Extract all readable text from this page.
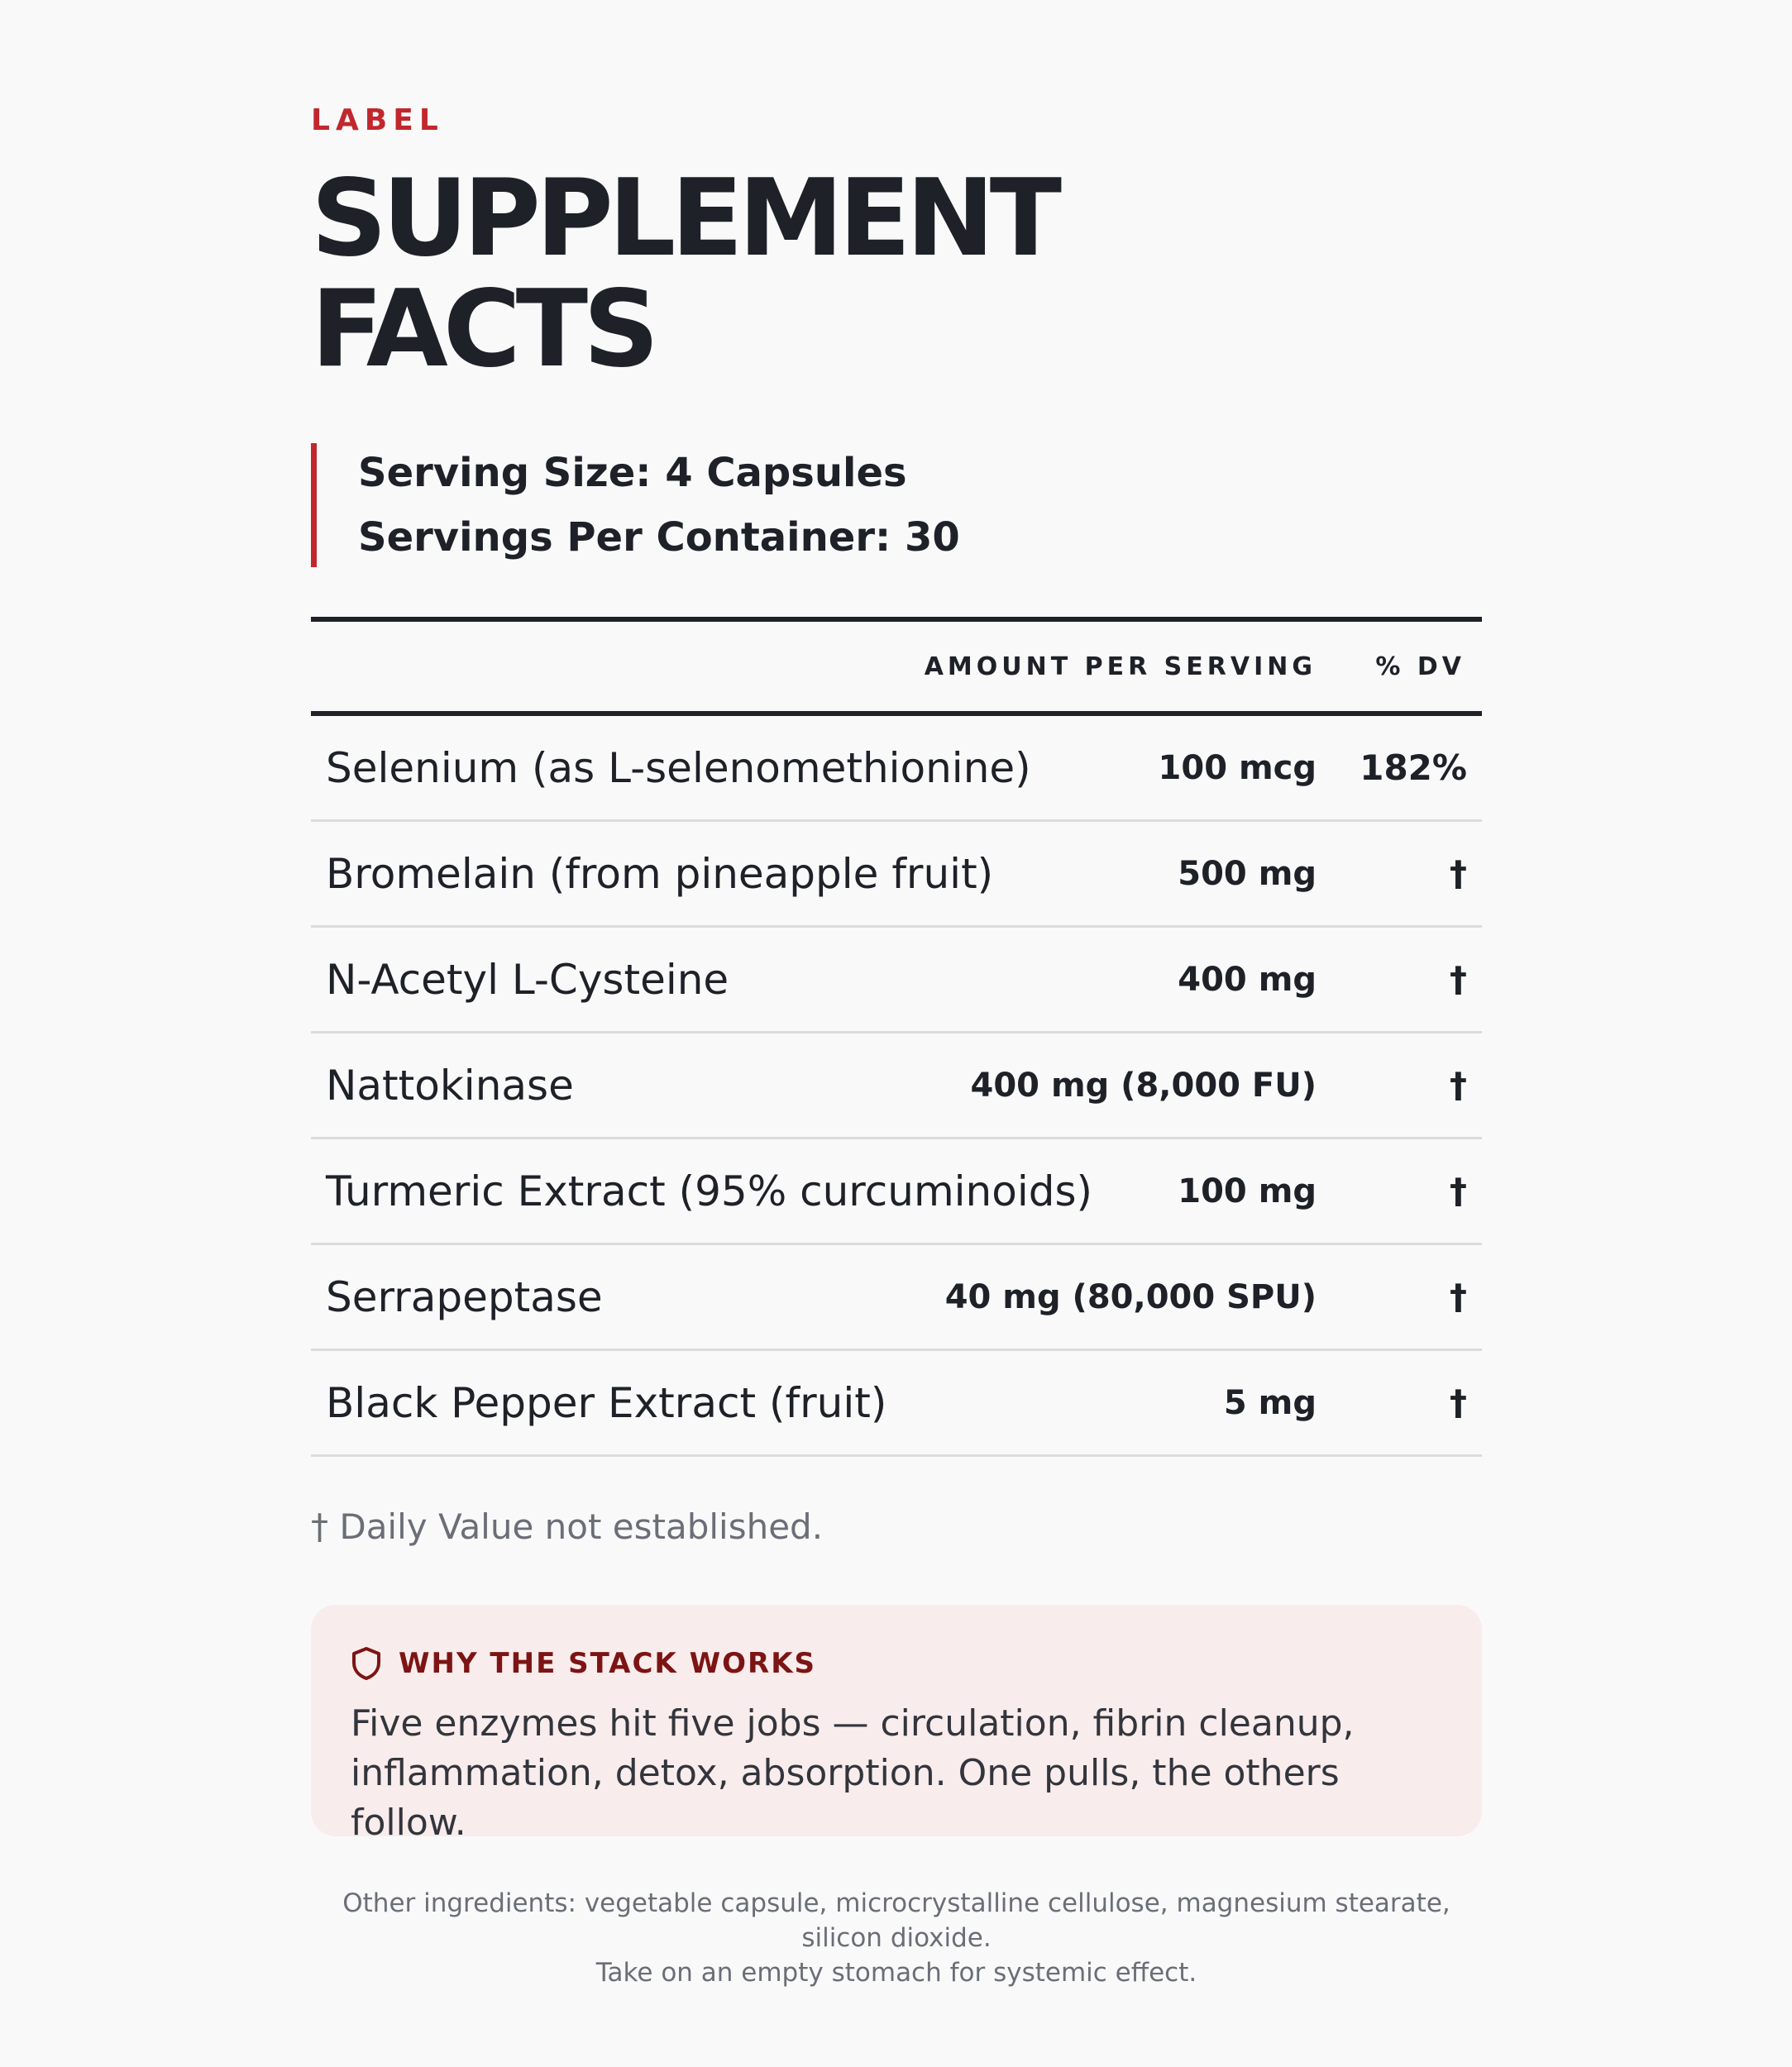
LABEL
SUPPLEMENT
FACTS
Serving Size: 4 Capsules
Servings Per Container: 30
AMOUNT PER SERVING	% DV
Selenium (as L-selenomethionine)	100 mcg	182%
Bromelain (from pineapple fruit)	500 mg	†
N-Acetyl L-Cysteine	400 mg	†
Nattokinase	400 mg (8,000 FU)	†
Turmeric Extract (95% curcuminoids)	100 mg	†
Serrapeptase	40 mg (80,000 SPU)	†
Black Pepper Extract (fruit)	5 mg	†
† Daily Value not established.
WHY THE STACK WORKS
Five enzymes hit five jobs — circulation, fibrin cleanup, inflammation, detox, absorption. One pulls, the others follow.
Other ingredients: vegetable capsule, microcrystalline cellulose, magnesium stearate, silicon dioxide.
Take on an empty stomach for systemic effect.
